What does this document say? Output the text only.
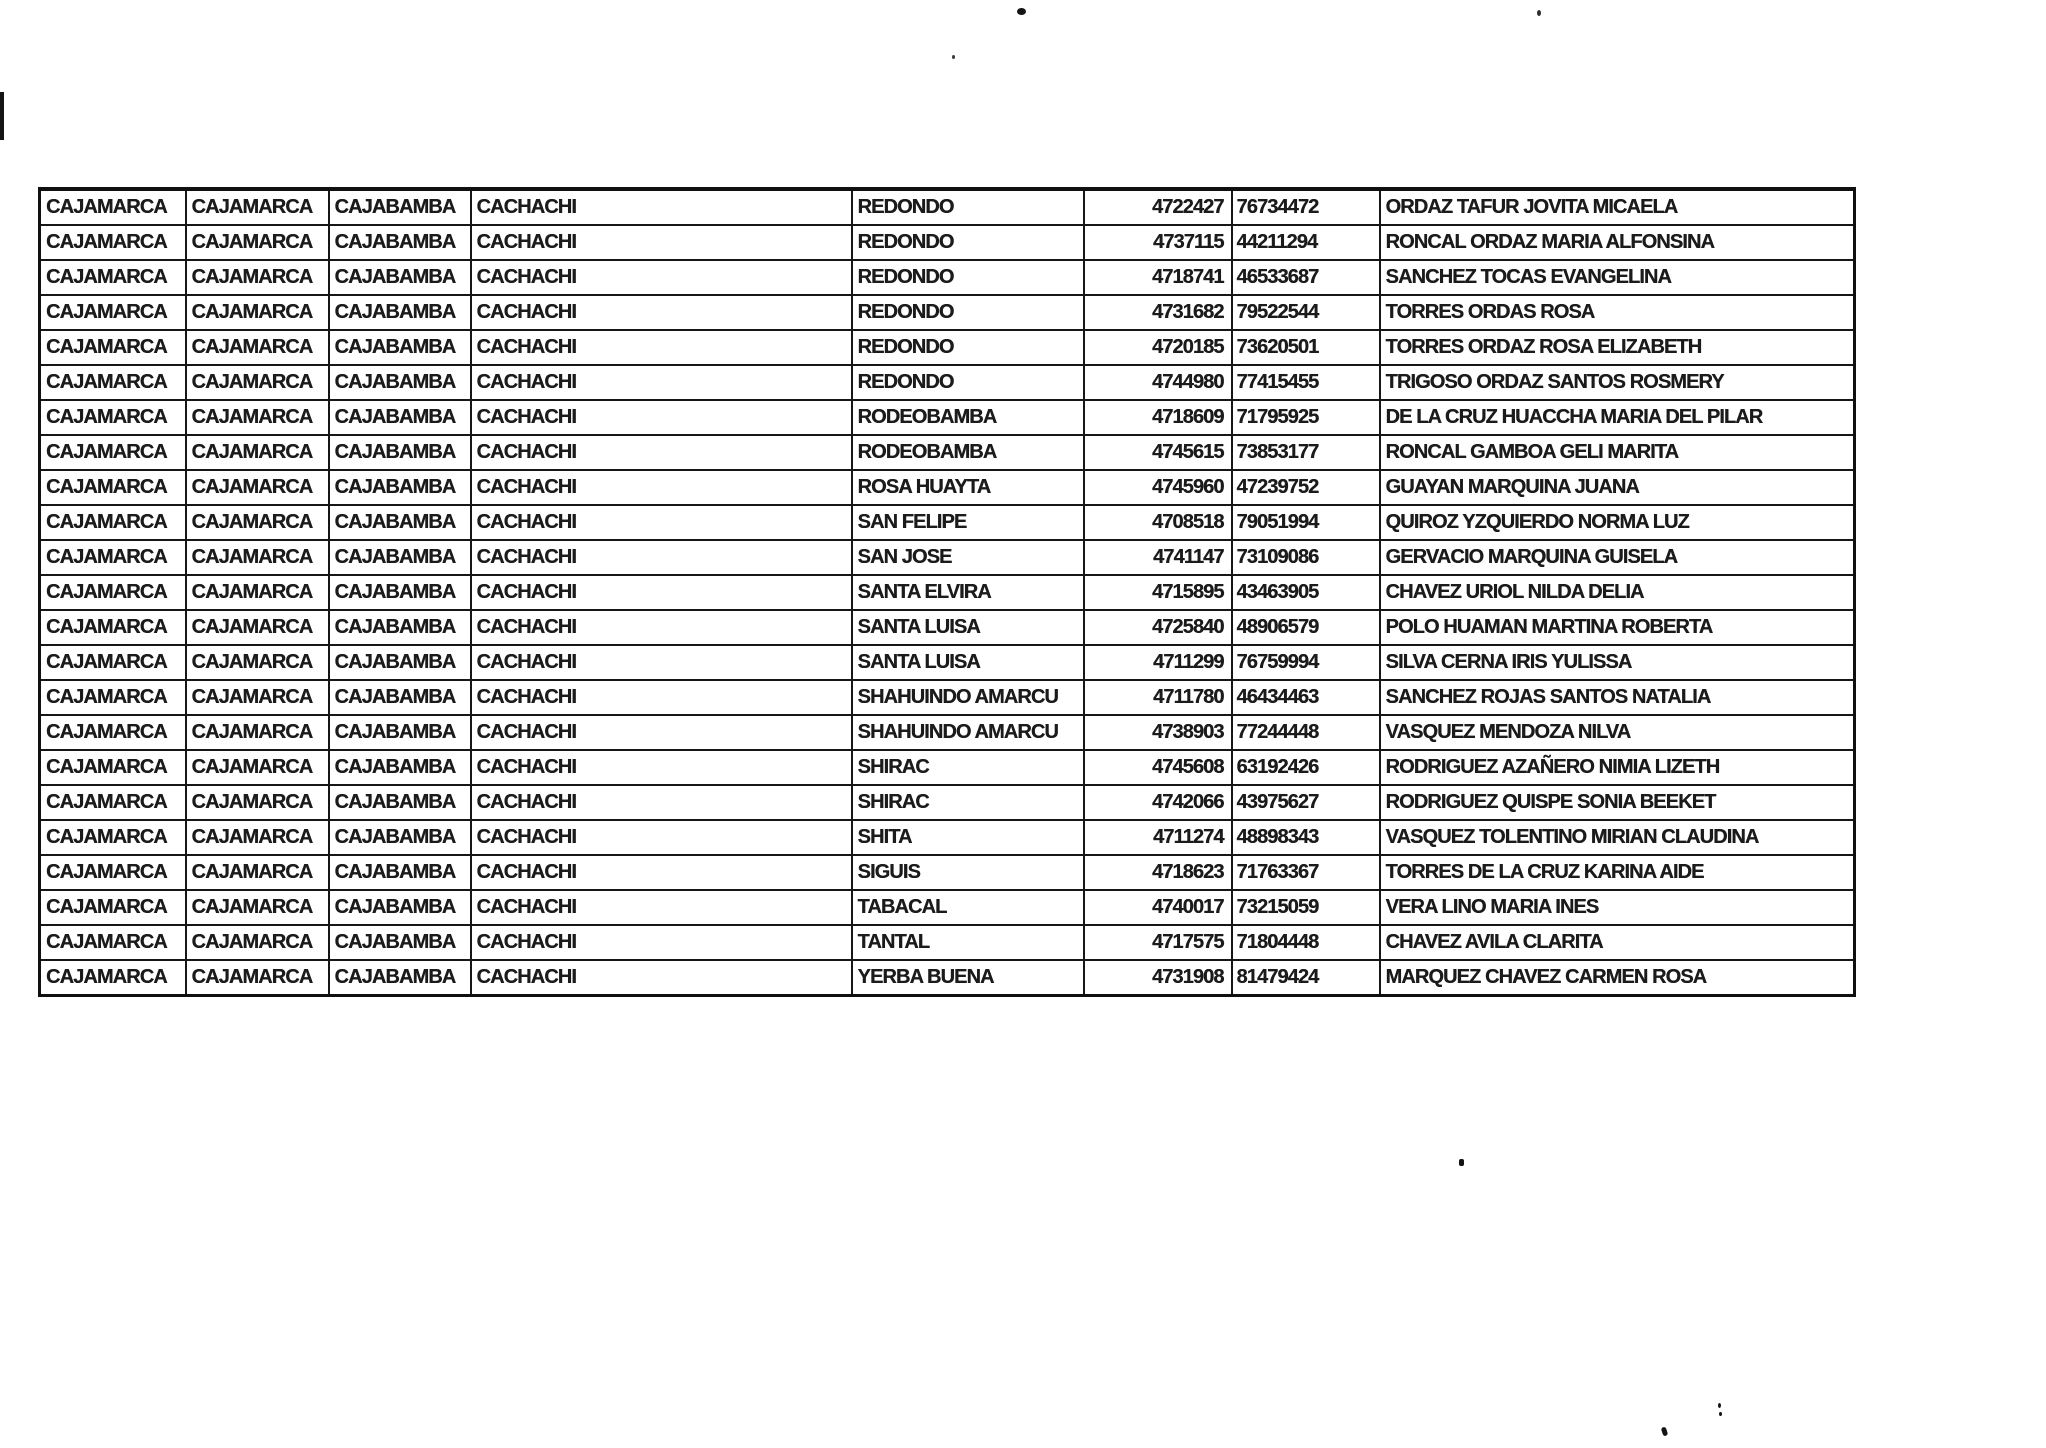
CAJAMARCA	CAJAMARCA	CAJABAMBA	CACHACHI	REDONDO	4722427	76734472	ORDAZ TAFUR JOVITA MICAELA
CAJAMARCA	CAJAMARCA	CAJABAMBA	CACHACHI	REDONDO	4737115	44211294	RONCAL ORDAZ MARIA ALFONSINA
CAJAMARCA	CAJAMARCA	CAJABAMBA	CACHACHI	REDONDO	4718741	46533687	SANCHEZ TOCAS EVANGELINA
CAJAMARCA	CAJAMARCA	CAJABAMBA	CACHACHI	REDONDO	4731682	79522544	TORRES ORDAS ROSA
CAJAMARCA	CAJAMARCA	CAJABAMBA	CACHACHI	REDONDO	4720185	73620501	TORRES ORDAZ ROSA ELIZABETH
CAJAMARCA	CAJAMARCA	CAJABAMBA	CACHACHI	REDONDO	4744980	77415455	TRIGOSO ORDAZ SANTOS ROSMERY
CAJAMARCA	CAJAMARCA	CAJABAMBA	CACHACHI	RODEOBAMBA	4718609	71795925	DE LA CRUZ HUACCHA MARIA DEL PILAR
CAJAMARCA	CAJAMARCA	CAJABAMBA	CACHACHI	RODEOBAMBA	4745615	73853177	RONCAL GAMBOA GELI MARITA
CAJAMARCA	CAJAMARCA	CAJABAMBA	CACHACHI	ROSA HUAYTA	4745960	47239752	GUAYAN MARQUINA JUANA
CAJAMARCA	CAJAMARCA	CAJABAMBA	CACHACHI	SAN FELIPE	4708518	79051994	QUIROZ YZQUIERDO NORMA LUZ
CAJAMARCA	CAJAMARCA	CAJABAMBA	CACHACHI	SAN JOSE	4741147	73109086	GERVACIO MARQUINA GUISELA
CAJAMARCA	CAJAMARCA	CAJABAMBA	CACHACHI	SANTA ELVIRA	4715895	43463905	CHAVEZ URIOL NILDA DELIA
CAJAMARCA	CAJAMARCA	CAJABAMBA	CACHACHI	SANTA LUISA	4725840	48906579	POLO HUAMAN MARTINA ROBERTA
CAJAMARCA	CAJAMARCA	CAJABAMBA	CACHACHI	SANTA LUISA	4711299	76759994	SILVA CERNA IRIS YULISSA
CAJAMARCA	CAJAMARCA	CAJABAMBA	CACHACHI	SHAHUINDO AMARCU	4711780	46434463	SANCHEZ ROJAS SANTOS NATALIA
CAJAMARCA	CAJAMARCA	CAJABAMBA	CACHACHI	SHAHUINDO AMARCU	4738903	77244448	VASQUEZ MENDOZA NILVA
CAJAMARCA	CAJAMARCA	CAJABAMBA	CACHACHI	SHIRAC	4745608	63192426	RODRIGUEZ AZAÑERO NIMIA LIZETH
CAJAMARCA	CAJAMARCA	CAJABAMBA	CACHACHI	SHIRAC	4742066	43975627	RODRIGUEZ QUISPE SONIA BEEKET
CAJAMARCA	CAJAMARCA	CAJABAMBA	CACHACHI	SHITA	4711274	48898343	VASQUEZ TOLENTINO MIRIAN CLAUDINA
CAJAMARCA	CAJAMARCA	CAJABAMBA	CACHACHI	SIGUIS	4718623	71763367	TORRES DE LA CRUZ KARINA AIDE
CAJAMARCA	CAJAMARCA	CAJABAMBA	CACHACHI	TABACAL	4740017	73215059	VERA LINO MARIA INES
CAJAMARCA	CAJAMARCA	CAJABAMBA	CACHACHI	TANTAL	4717575	71804448	CHAVEZ AVILA CLARITA
CAJAMARCA	CAJAMARCA	CAJABAMBA	CACHACHI	YERBA BUENA	4731908	81479424	MARQUEZ CHAVEZ CARMEN ROSA
